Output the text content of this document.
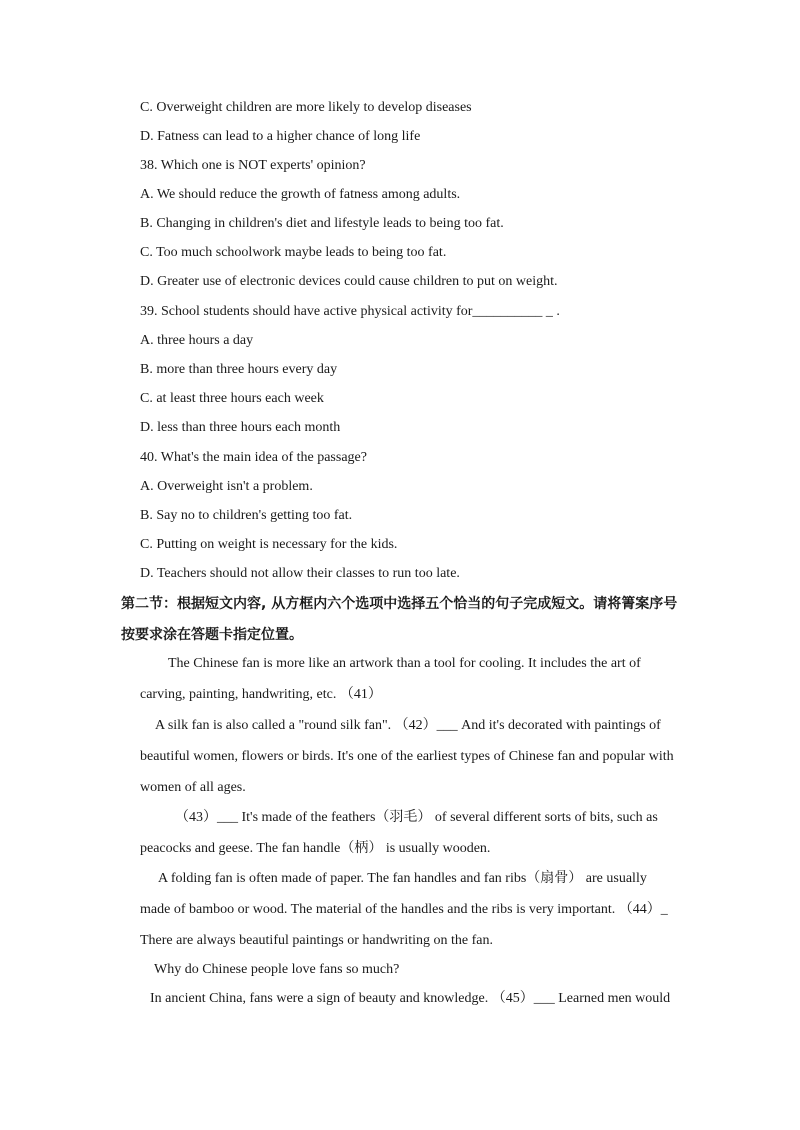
C. Overweight children are more likely to develop diseases
D. Fatness can lead to a higher chance of long life
38. Which one is NOT experts' opinion?
A. We should reduce the growth of fatness among adults.
B. Changing in children's diet and lifestyle leads to being too fat.
C. Too much schoolwork maybe leads to being too fat.
D. Greater use of electronic devices could cause children to put on weight.
39. School students should have active physical activity for__________ _ .
A. three hours a day
B. more than three hours every day
C. at least three hours each week
D. less than three hours each month
40. What's the main idea of the passage?
A. Overweight isn't a problem.
B. Say no to children's getting too fat.
C. Putting on weight is necessary for the kids.
D. Teachers should not allow their classes to run too late.
第二节：根据短文内容, 从方框内六个选项中选择五个恰当的句子完成短文。请将箐案序号
按要求涂在答题卡指定位置。
The Chinese fan is more like an artwork than a tool for cooling. It includes the art of
carving, painting, handwriting, etc. （41）
A silk fan is also called a "round silk fan". （42）___ And it's decorated with paintings of
beautiful women, flowers or birds. It's one of the earliest types of Chinese fan and popular with
women of all ages.
（43）___ It's made of the feathers（羽毛） of several different sorts of bits, such as
peacocks and geese. The fan handle（柄） is usually wooden.
A folding fan is often made of paper. The fan handles and fan ribs（扇骨） are usually
made of bamboo or wood. The material of the handles and the ribs is very important. （44）_
There are always beautiful paintings or handwriting on the fan.
Why do Chinese people love fans so much?
In ancient China, fans were a sign of beauty and knowledge. （45）___ Learned men would
